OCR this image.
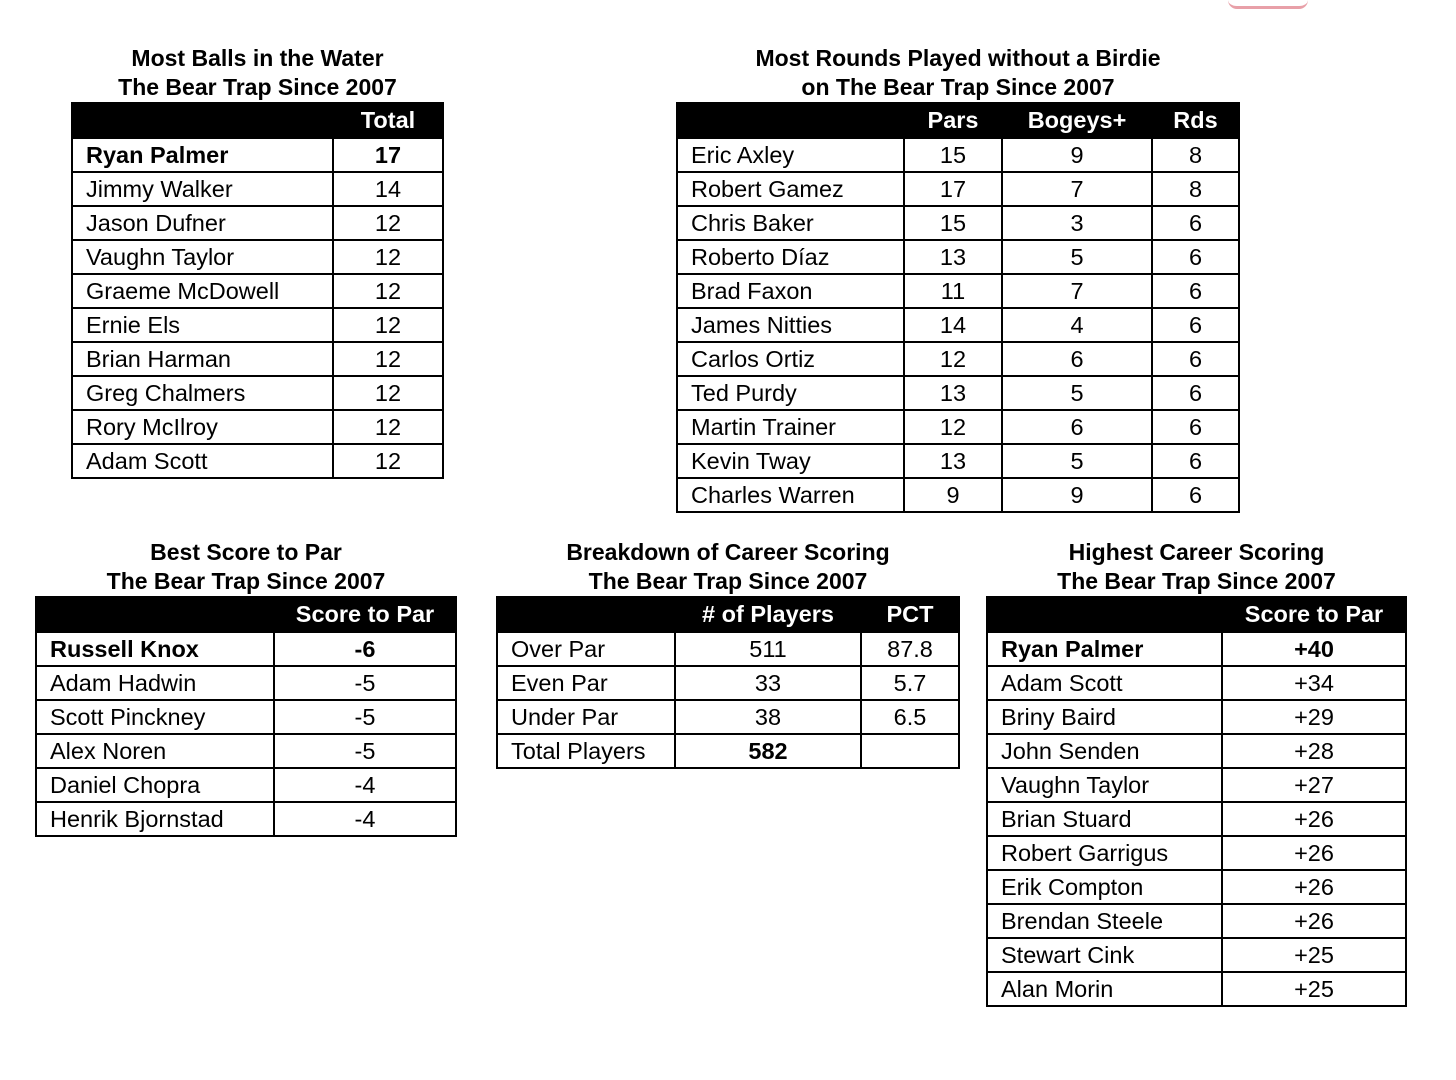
Most Balls in the Water
The Bear Trap Since 2007
	Total
Ryan Palmer	17
Jimmy Walker	14
Jason Dufner	12
Vaughn Taylor	12
Graeme McDowell	12
Ernie Els	12
Brian Harman	12
Greg Chalmers	12
Rory McIlroy	12
Adam Scott	12
Most Rounds Played without a Birdie
on The Bear Trap Since 2007
	Pars	Bogeys+	Rds
Eric Axley	15	9	8
Robert Gamez	17	7	8
Chris Baker	15	3	6
Roberto Díaz	13	5	6
Brad Faxon	11	7	6
James Nitties	14	4	6
Carlos Ortiz	12	6	6
Ted Purdy	13	5	6
Martin Trainer	12	6	6
Kevin Tway	13	5	6
Charles Warren	9	9	6
Best Score to Par
The Bear Trap Since 2007
	Score to Par
Russell Knox	-6
Adam Hadwin	-5
Scott Pinckney	-5
Alex Noren	-5
Daniel Chopra	-4
Henrik Bjornstad	-4
Breakdown of Career Scoring
The Bear Trap Since 2007
	# of Players	PCT
Over Par	511	87.8
Even Par	33	5.7
Under Par	38	6.5
Total Players	582	
Highest Career Scoring
The Bear Trap Since 2007
	Score to Par
Ryan Palmer	+40
Adam Scott	+34
Briny Baird	+29
John Senden	+28
Vaughn Taylor	+27
Brian Stuard	+26
Robert Garrigus	+26
Erik Compton	+26
Brendan Steele	+26
Stewart Cink	+25
Alan Morin	+25
